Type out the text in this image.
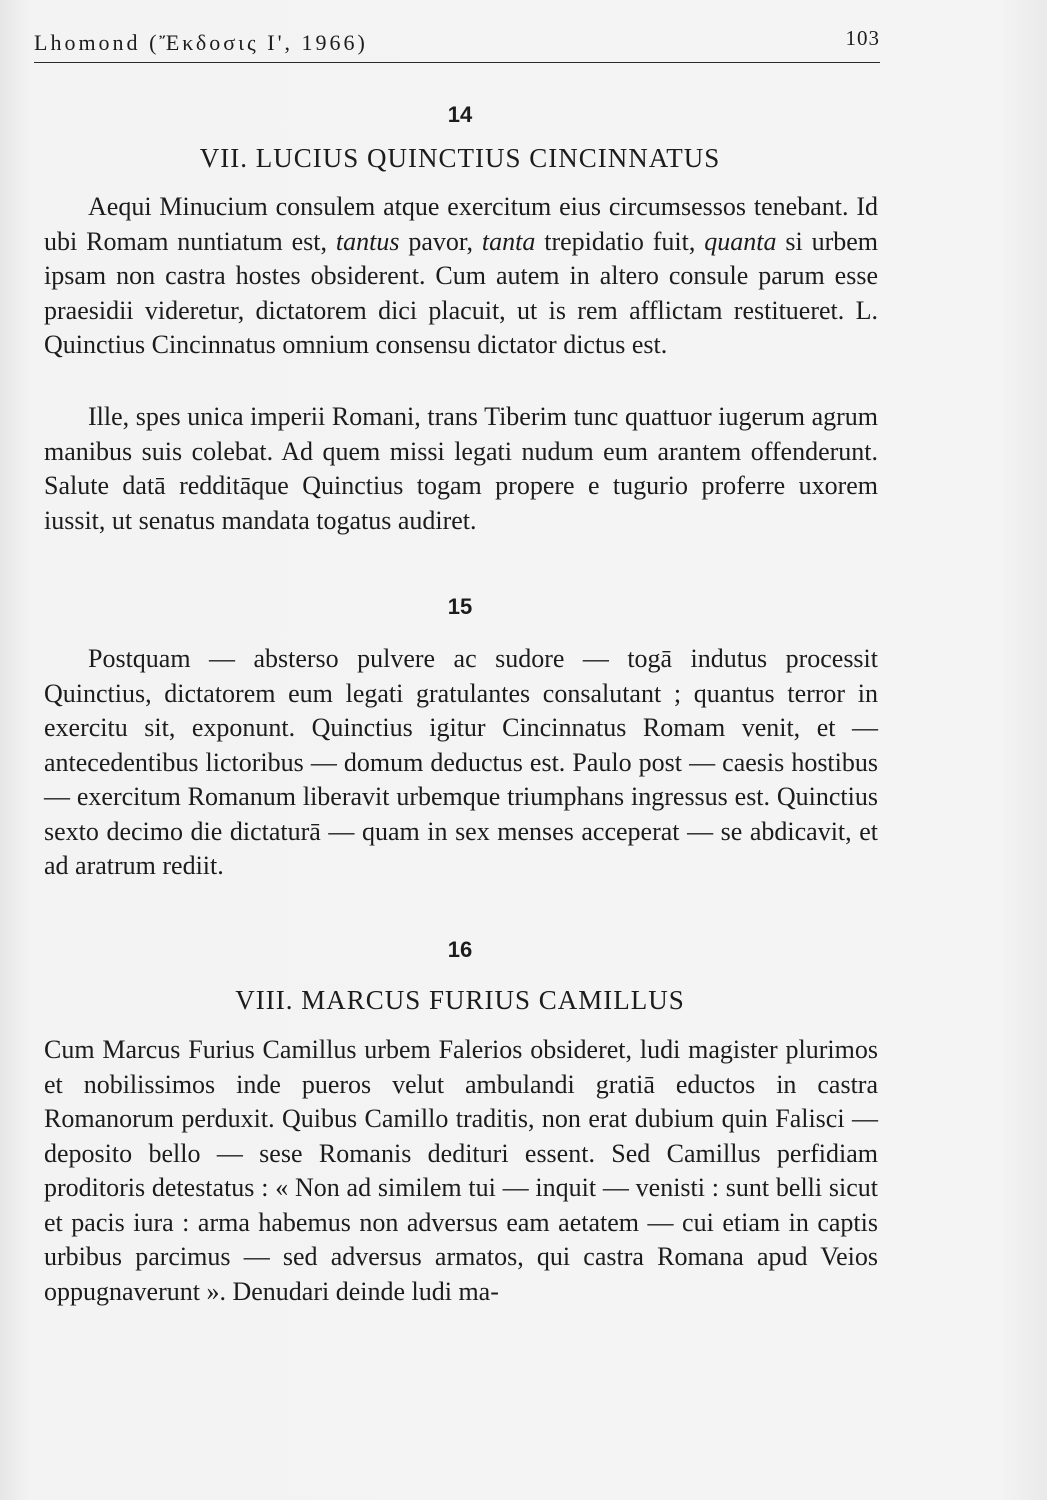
Lhomond (Ἔκδοσις Ι', 1966)	103
14
VII. LUCIUS QUINCTIUS CINCINNATUS

Aequi Minucium consulem atque exercitum eius circumsessos tenebant. Id ubi Romam nuntiatum est, tantus pavor, tanta trepidatio fuit, quanta si urbem ipsam non castra hostes obsiderent. Cum autem in altero consule parum esse praesidii videretur, dictatorem dici placuit, ut is rem afflictam restitueret. L. Quinctius Cincinnatus omnium consensu dictator dictus est.

Ille, spes unica imperii Romani, trans Tiberim tunc quattuor iugerum agrum manibus suis colebat. Ad quem missi legati nudum eum arantem offenderunt. Salute datā redditāque Quinctius togam propere e tugurio proferre uxorem iussit, ut senatus mandata togatus audiret.

15

Postquam — absterso pulvere ac sudore — togā indutus processit Quinctius, dictatorem eum legati gratulantes consalutant ; quantus terror in exercitu sit, exponunt. Quinctius igitur Cincinnatus Romam venit, et — antecedentibus lictoribus — domum deductus est. Paulo post — caesis hostibus — exercitum Romanum liberavit urbemque triumphans ingressus est. Quinctius sexto decimo die dictaturā — quam in sex menses acceperat — se abdicavit, et ad aratrum rediit.

16
VIII. MARCUS FURIUS CAMILLUS

Cum Marcus Furius Camillus urbem Falerios obsideret, ludi magister plurimos et nobilissimos inde pueros velut ambulandi gratiā eductos in castra Romanorum perduxit. Quibus Camillo traditis, non erat dubium quin Falisci — deposito bello — sese Romanis dedituri essent. Sed Camillus perfidiam proditoris detestatus : « Non ad similem tui — inquit — venisti : sunt belli sicut et pacis iura : arma habemus non adversus eam aetatem — cui etiam in captis urbibus parcimus — sed adversus armatos, qui castra Romana apud Veios oppugnaverunt ». Denudari deinde ludi ma-
